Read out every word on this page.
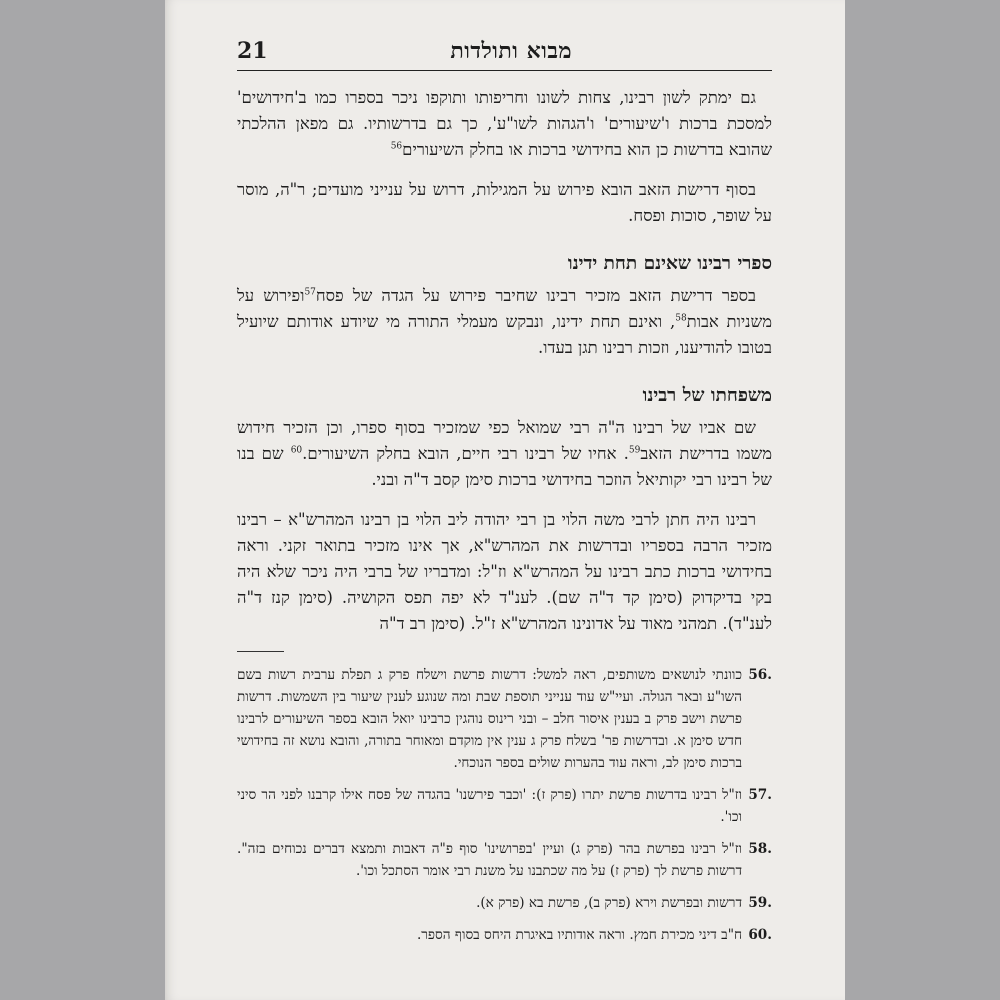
מבוא ותולדות
21

גם ימתק לשון רבינו, צחות לשונו וחריפותו ותוקפו ניכר בספרו כמו ב'חידושים' למסכת ברכות ו'שיעורים' ו'הגהות לשו"ע', כך גם בדרשותיו. גם מפאן ההלכתי שהובא בדרשות כן הוא בחידושי ברכות או בחלק השיעורים$^{56}$

בסוף דרישת הזאב הובא פירוש על המגילות, דרוש על ענייני מועדים; ר"ה, מוסר על שופר, סוכות ופסח.

ספרי רבינו שאינם תחת ידינו

בספר דרישת הזאב מזכיר רבינו שחיבר פירוש על הגדה של פסח$^{57}$ופירוש על משניות אבות$^{58}$, ואינם תחת ידינו, ונבקש מעמלי התורה מי שיודע אודותם שיועיל בטובו להודיענו, וזכות רבינו תגן בעדו.

משפחתו של רבינו

שם אביו של רבינו ה"ה רבי שמואל כפי שמזכיר בסוף ספרו, וכן הזכיר חידוש משמו בדרישת הזאב$^{59}$. אחיו של רבינו רבי חיים, הובא בחלק השיעורים.$^{60}$ שם בנו של רבינו רבי יקותיאל הוזכר בחידושי ברכות סימן קסב ד"ה ובני.

רבינו היה חתן לרבי משה הלוי בן רבי יהודה ליב הלוי בן רבינו המהרש"א – רבינו מזכיר הרבה בספריו ובדרשות את המהרש"א, אך אינו מזכיר בתואר זקני. וראה בחידושי ברכות כתב רבינו על המהרש"א וז"ל: ומדבריו של ברבי היה ניכר שלא היה בקי בדיקדוק (סימן קד ד"ה שם). לענ"ד לא יפה תפס הקושיה. (סימן קנז ד"ה לענ"ד). תמהני מאוד על אדונינו המהרש"א ז"ל. (סימן רב ד"ה

56.
כוונתי לנושאים משותפים, ראה למשל: דרשות פרשת וישלח פרק ג תפלת ערבית רשות בשם השו"ע ובאר הגולה. ועיי"ש עוד ענייני תוספת שבת ומה שנוגע לענין שיעור בין השמשות. דרשות פרשת וישב פרק ב בענין איסור חלב – ובני רינוס נוהגין כרבינו יואל הובא בספר השיעורים לרבינו חדש סימן א. ובדרשות פר' בשלח פרק ג ענין אין מוקדם ומאוחר בתורה, והובא נושא זה בחידושי ברכות סימן לב, וראה עוד בהערות שולים בספר הנוכחי.
57.
וז"ל רבינו בדרשות פרשת יתרו (פרק ז): 'וכבר פירשנו' בהגדה של פסח אילו קרבנו לפני הר סיני וכו'.
58.
וז"ל רבינו בפרשת בהר (פרק ג) ועיין 'בפרושינו' סוף פ"ה דאבות ותמצא דברים נכוחים בזה". דרשות פרשת לך (פרק ז) על מה שכתבנו על משנת רבי אומר הסתכל וכו'.
59.
דרשות ובפרשת וירא (פרק ב), פרשת בא (פרק א).
60.
ח"ב דיני מכירת חמץ. וראה אודותיו באיגרת היחס בסוף הספר.
